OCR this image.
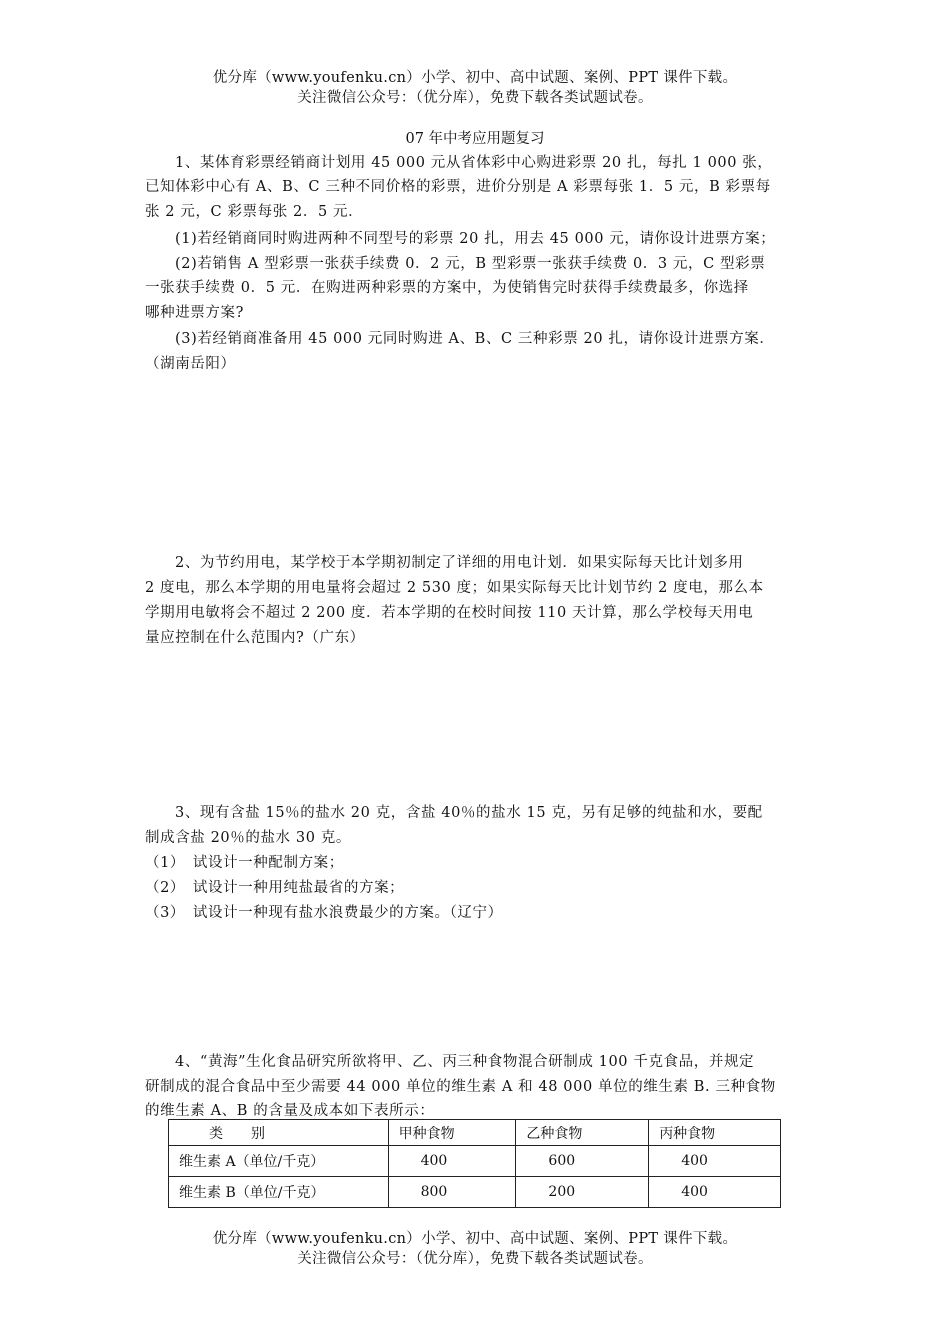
优分库（www.youfenku.cn）小学、初中、高中试题、案例、PPT 课件下载。
关注微信公众号：（优分库），免费下载各类试题试卷。
07 年中考应用题复习
1、某体育彩票经销商计划用 45 000 元从省体彩中心购进彩票 20 扎，每扎 1 000 张，
已知体彩中心有 A、B、C 三种不同价格的彩票，进价分别是 A 彩票每张 1．5 元，B 彩票每
张 2 元，C 彩票每张 2．5 元．
(1)若经销商同时购进两种不同型号的彩票 20 扎，用去 45 000 元，请你设计进票方案；
(2)若销售 A 型彩票一张获手续费 0．2 元，B 型彩票一张获手续费 0．3 元，C 型彩票
一张获手续费 0．5 元．在购进两种彩票的方案中，为使销售完时获得手续费最多，你选择
哪种进票方案?
(3)若经销商准备用 45 000 元同时购进 A、B、C 三种彩票 20 扎，请你设计进票方案．
（湖南岳阳）
2、为节约用电，某学校于本学期初制定了详细的用电计划．如果实际每天比计划多用
2 度电，那么本学期的用电量将会超过 2 530 度；如果实际每天比计划节约 2 度电，那么本
学期用电敏将会不超过 2 200 度．若本学期的在校时间按 110 天计算，那么学校每天用电
量应控制在什么范围内?（广东）
3、现有含盐 15％的盐水 20 克，含盐 40％的盐水 15 克，另有足够的纯盐和水，要配
制成含盐 20％的盐水 30 克。
（1）　试设计一种配制方案；
（2）　试设计一种用纯盐最省的方案；
（3）　试设计一种现有盐水浪费最少的方案。（辽宁）
4、“黄海”生化食品研究所欲将甲、乙、丙三种食物混合研制成 100 千克食品，并规定
研制成的混合食品中至少需要 44 000 单位的维生素 A 和 48 000 单位的维生素 B. 三种食物
的维生素 A、B 的含量及成本如下表所示：
类　　别	甲种食物	乙种食物	丙种食物
维生素 A（单位/千克）	400	600	400
维生素 B（单位/千克）	800	200	400
优分库（www.youfenku.cn）小学、初中、高中试题、案例、PPT 课件下载。
关注微信公众号：（优分库），免费下载各类试题试卷。
